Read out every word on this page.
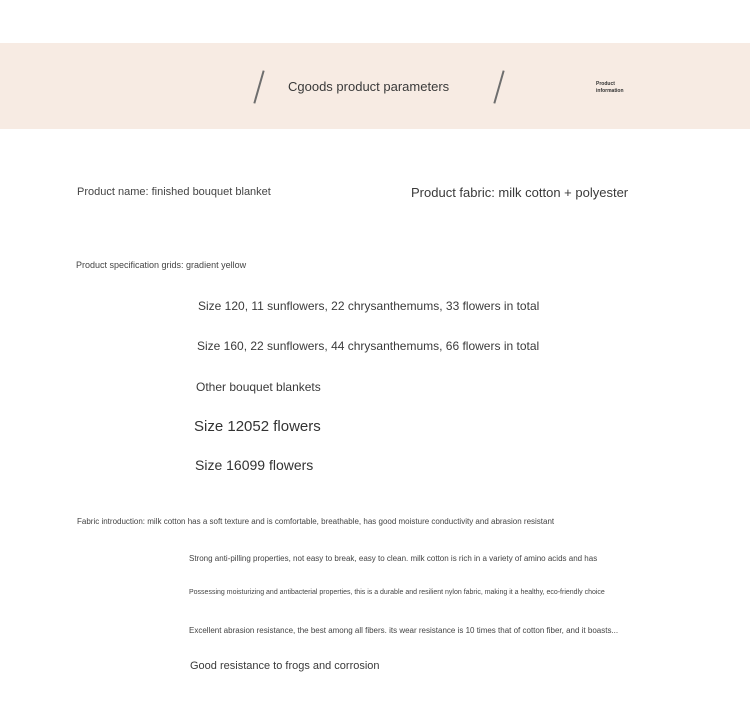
Cgoods product parameters	Product
information
Product name: finished bouquet blanket	Product fabric: milk cotton + polyester
Product specification grids: gradient yellow
Size 120, 11 sunflowers, 22 chrysanthemums, 33 flowers in total
Size 160, 22 sunflowers, 44 chrysanthemums, 66 flowers in total
Other bouquet blankets
Size 12052 flowers
Size 16099 flowers
Fabric introduction: milk cotton has a soft texture and is comfortable, breathable, has good moisture conductivity and abrasion resistant
Strong anti-pilling properties, not easy to break, easy to clean. milk cotton is rich in a variety of amino acids and has
Possessing moisturizing and antibacterial properties, this is a durable and resilient nylon fabric, making it a healthy, eco-friendly choice
Excellent abrasion resistance, the best among all fibers. its wear resistance is 10 times that of cotton fiber, and it boasts...
Good resistance to frogs and corrosion
